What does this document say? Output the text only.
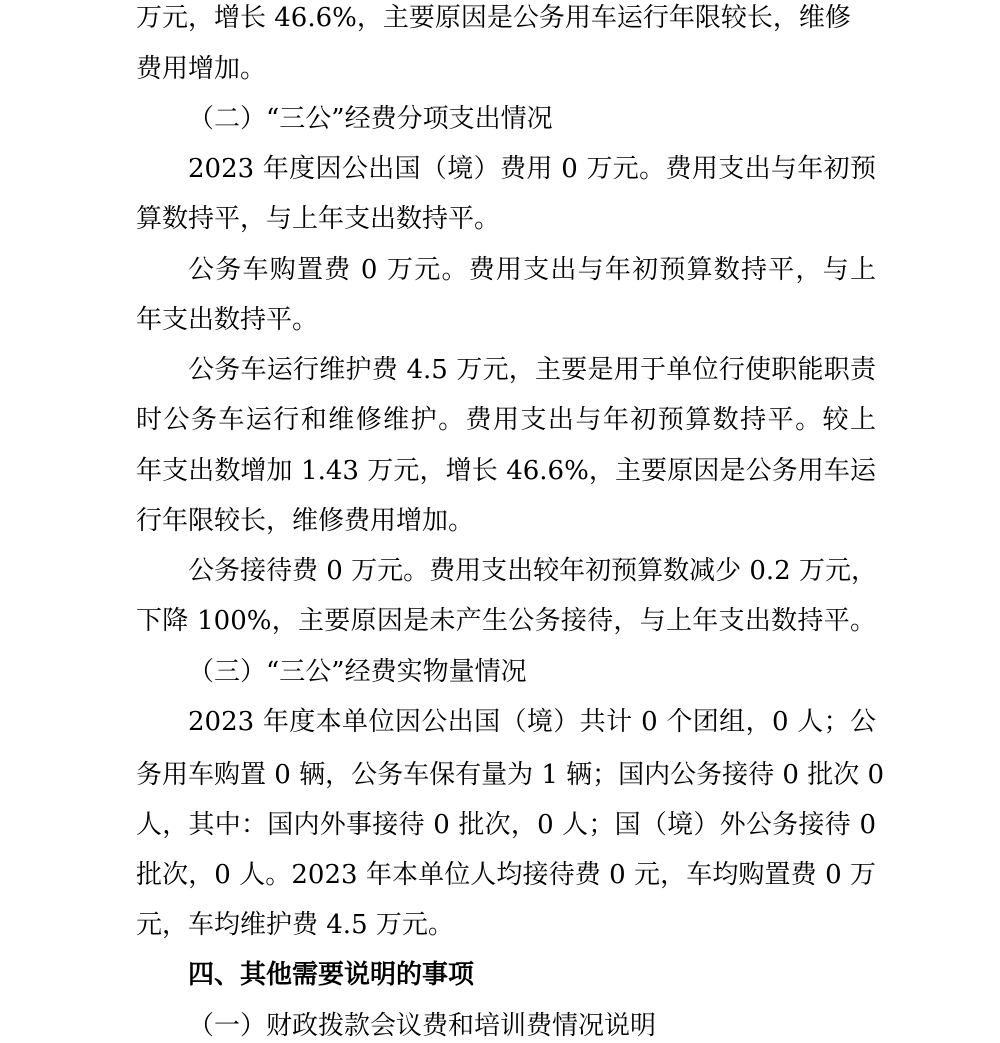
万元，增长 46.6%，主要原因是公务用车运行年限较长，维修
费用增加。
（二）“三公”经费分项支出情况
2023 年度因公出国（境）费用 0 万元。费用支出与年初预
算数持平，与上年支出数持平。
公务车购置费 0 万元。费用支出与年初预算数持平，与上
年支出数持平。
公务车运行维护费 4.5 万元，主要是用于单位行使职能职责
时公务车运行和维修维护。费用支出与年初预算数持平。较上
年支出数增加 1.43 万元，增长 46.6%，主要原因是公务用车运
行年限较长，维修费用增加。
公务接待费 0 万元。费用支出较年初预算数减少 0.2 万元，
下降 100%，主要原因是未产生公务接待，与上年支出数持平。
（三）“三公”经费实物量情况
2023 年度本单位因公出国（境）共计 0 个团组，0 人；公
务用车购置 0 辆，公务车保有量为 1 辆；国内公务接待 0 批次 0
人，其中：国内外事接待 0 批次，0 人；国（境）外公务接待 0
批次，0 人。2023 年本单位人均接待费 0 元，车均购置费 0 万
元，车均维护费 4.5 万元。
四、其他需要说明的事项
（一）财政拨款会议费和培训费情况说明
